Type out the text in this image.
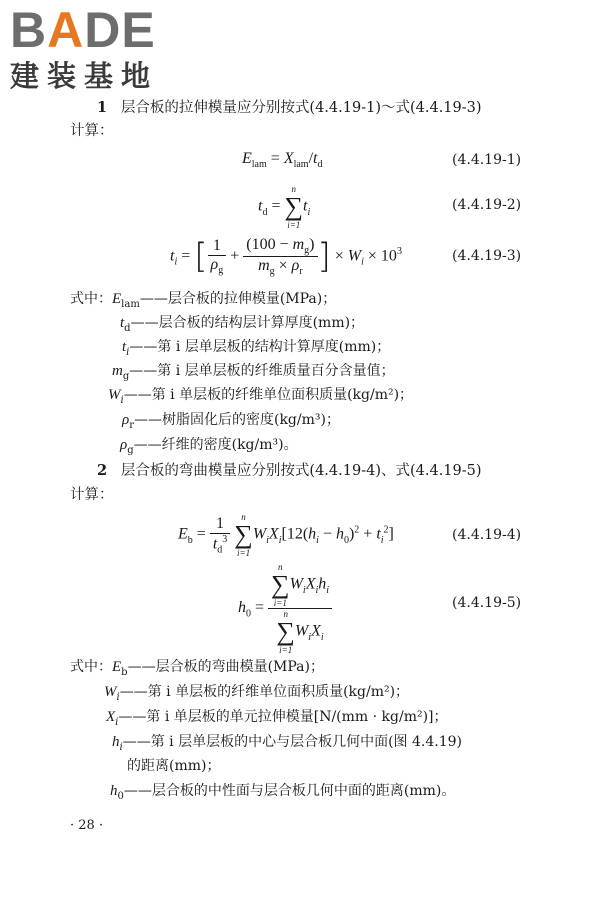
BADE
建装基地
1 层合板的拉伸模量应分别按式(4.4.19-1)～式(4.4.19-3)
计算：
$E_{lam} = X_{lam}/t_d$	(4.4.19-1)
$t_d$ =
n
∑
i=1
$t_i$	(4.4.19-2)
$t_i$ = [ $\frac{1}{\rho_g} + \frac{(100 - m_g)}{m_g \times \rho_r}$ ] × $W_i \times 10^3$	(4.4.19-3)
式中：$E_{lam}——$层合板的拉伸模量(MPa)；
$t_d——$层合板的结构层计算厚度(mm)；
$t_i——$第 i 层单层板的结构计算厚度(mm)；
$m_g——$第 i 层单层板的纤维质量百分含量值；
$W_i——$第 i 单层板的纤维单位面积质量(kg/m²)；
$\rho_r——$树脂固化后的密度(kg/m³)；
$\rho_g——$纤维的密度(kg/m³)。
2 层合板的弯曲模量应分别按式(4.4.19-4)、式(4.4.19-5)
计算：
$E_b = \frac{1}{t_d^3}$
	n
∑
i=1
$W_iX_i[12(h_i - h_0)^2 + t_i^2]$	(4.4.19-4)
$h_0 = n$
∑
i=1
$W_iX_ih_i$
n
∑
i=1
$W_iX_i$	(4.4.19-5)
式中：$E_b——$层合板的弯曲模量(MPa)；
$W_i——$第 i 单层板的纤维单位面积质量(kg/m²)；
$X_i——$第 i 单层板的单元拉伸模量[N/(mm · kg/m²)]；
$h_i——$第 i 层单层板的中心与层合板几何中面(图 4.4.19)
的距离(mm)；
$h_0——$层合板的中性面与层合板几何中面的距离(mm)。
· 28 ·
